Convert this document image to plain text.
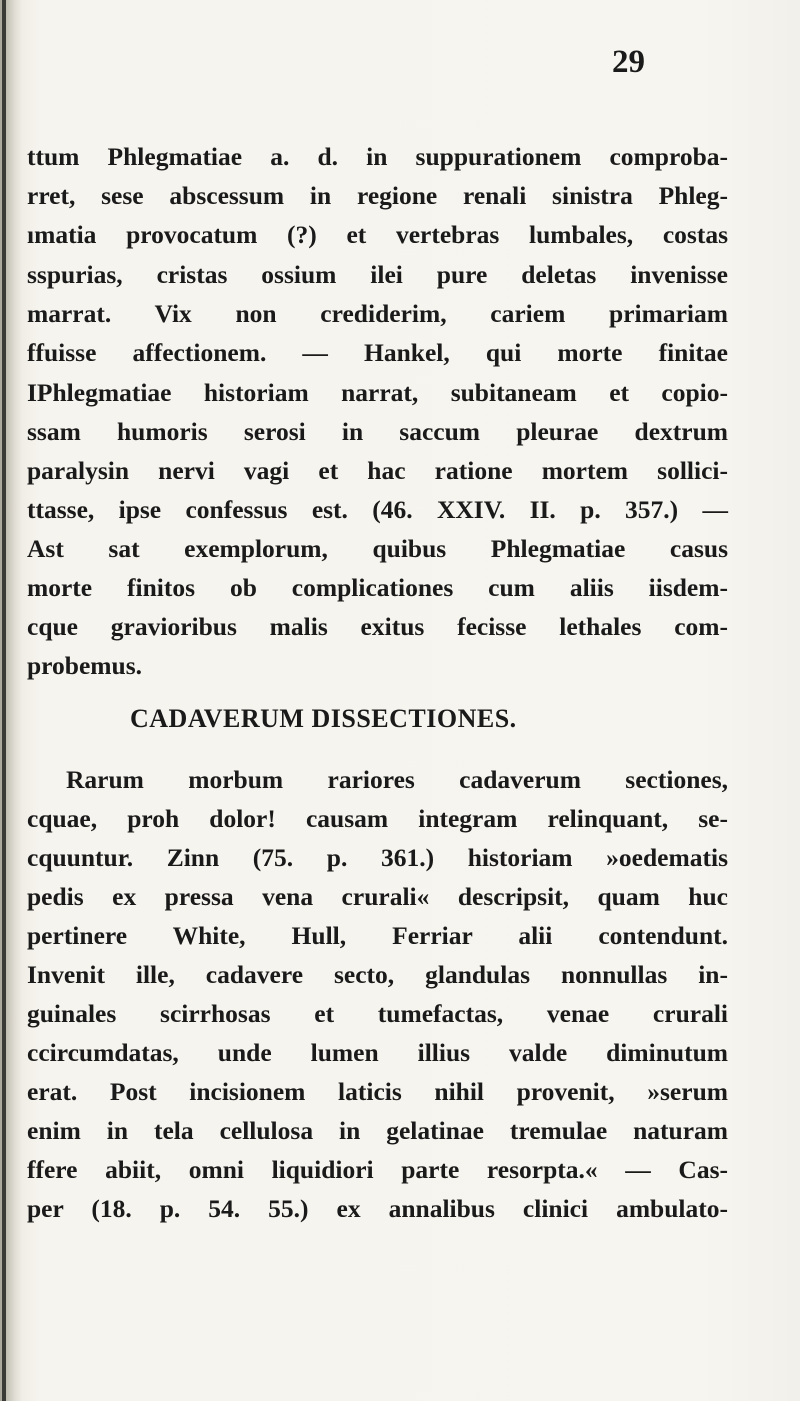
29
ttum Phlegmatiae a. d. in suppurationem comproba-
rret, sese abscessum in regione renali sinistra Phleg-
ımatia provocatum (?) et vertebras lumbales, costas
sspurias, cristas ossium ilei pure deletas invenisse
marrat. Vix non crediderim, cariem primariam
ffuisse affectionem. — Hankel, qui morte finitae
IPhlegmatiae historiam narrat, subitaneam et copio-
ssam humoris serosi in saccum pleurae dextrum
paralysin nervi vagi et hac ratione mortem sollici-
ttasse, ipse confessus est. (46. XXIV. II. p. 357.) —
Ast sat exemplorum, quibus Phlegmatiae casus
morte finitos ob complicationes cum aliis iisdem-
cque gravioribus malis exitus fecisse lethales com-
probemus.
CADAVERUM DISSECTIONES.
Rarum morbum rariores cadaverum sectiones,
cquae, proh dolor! causam integram relinquant, se-
cquuntur. Zinn (75. p. 361.) historiam »oedematis
pedis ex pressa vena crurali« descripsit, quam huc
pertinere White, Hull, Ferriar alii contendunt.
Invenit ille, cadavere secto, glandulas nonnullas in-
guinales scirrhosas et tumefactas, venae crurali
ccircumdatas, unde lumen illius valde diminutum
erat. Post incisionem laticis nihil provenit, »serum
enim in tela cellulosa in gelatinae tremulae naturam
ffere abiit, omni liquidiori parte resorpta.« — Cas-
per (18. p. 54. 55.) ex annalibus clinici ambulato-
